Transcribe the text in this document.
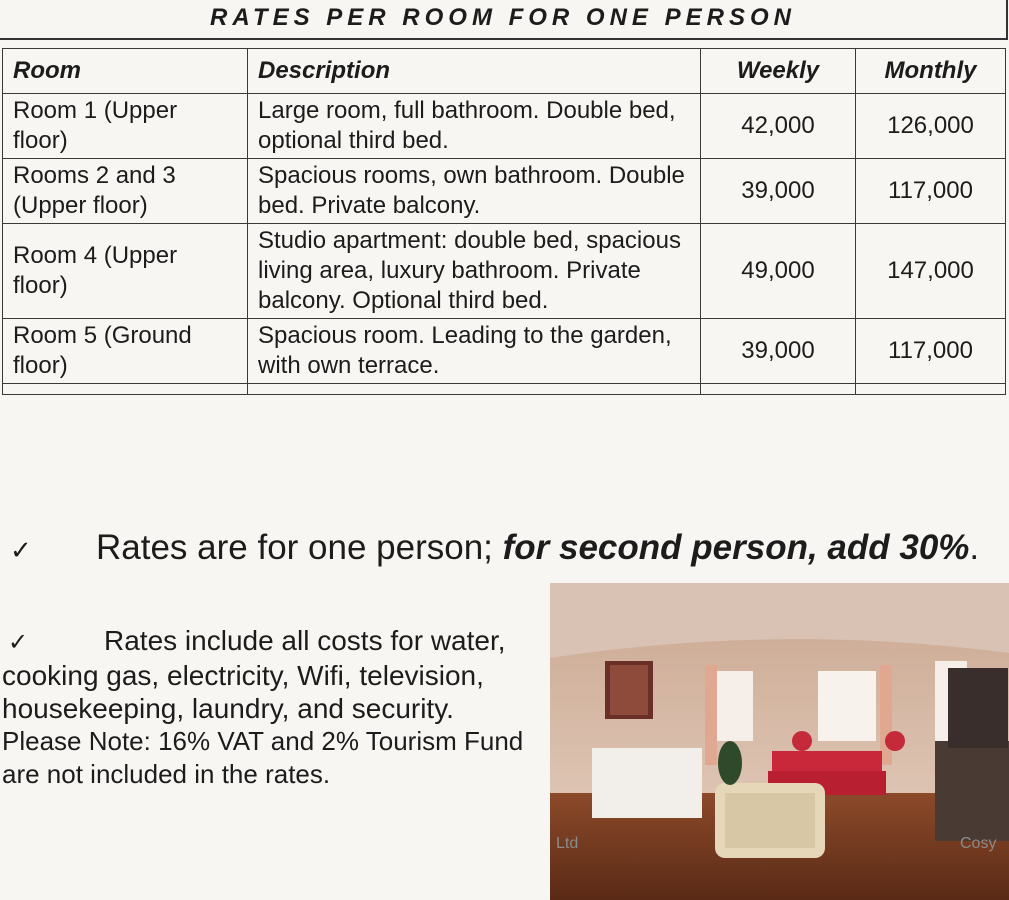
RATES PER ROOM FOR ONE PERSON
Room	Description	Weekly	Monthly
Room 1 (Upper floor)	Large room, full bathroom. Double bed, optional third bed.	42,000	126,000
Rooms 2 and 3 (Upper floor)	Spacious rooms, own bathroom. Double bed. Private balcony.	39,000	117,000
Room 4 (Upper floor)	Studio apartment: double bed, spacious living area, luxury bathroom. Private balcony. Optional third bed.	49,000	147,000
Room 5 (Ground floor)	Spacious room. Leading to the garden, with own terrace.	39,000	117,000

✓ Rates are for one person; for second person, add 30%.
✓	Rates include all costs for water, cooking gas, electricity, Wifi, television, housekeeping, laundry, and security.
Please Note: 16% VAT and 2% Tourism Fund are not included in the rates.
Ltd	Cosy
